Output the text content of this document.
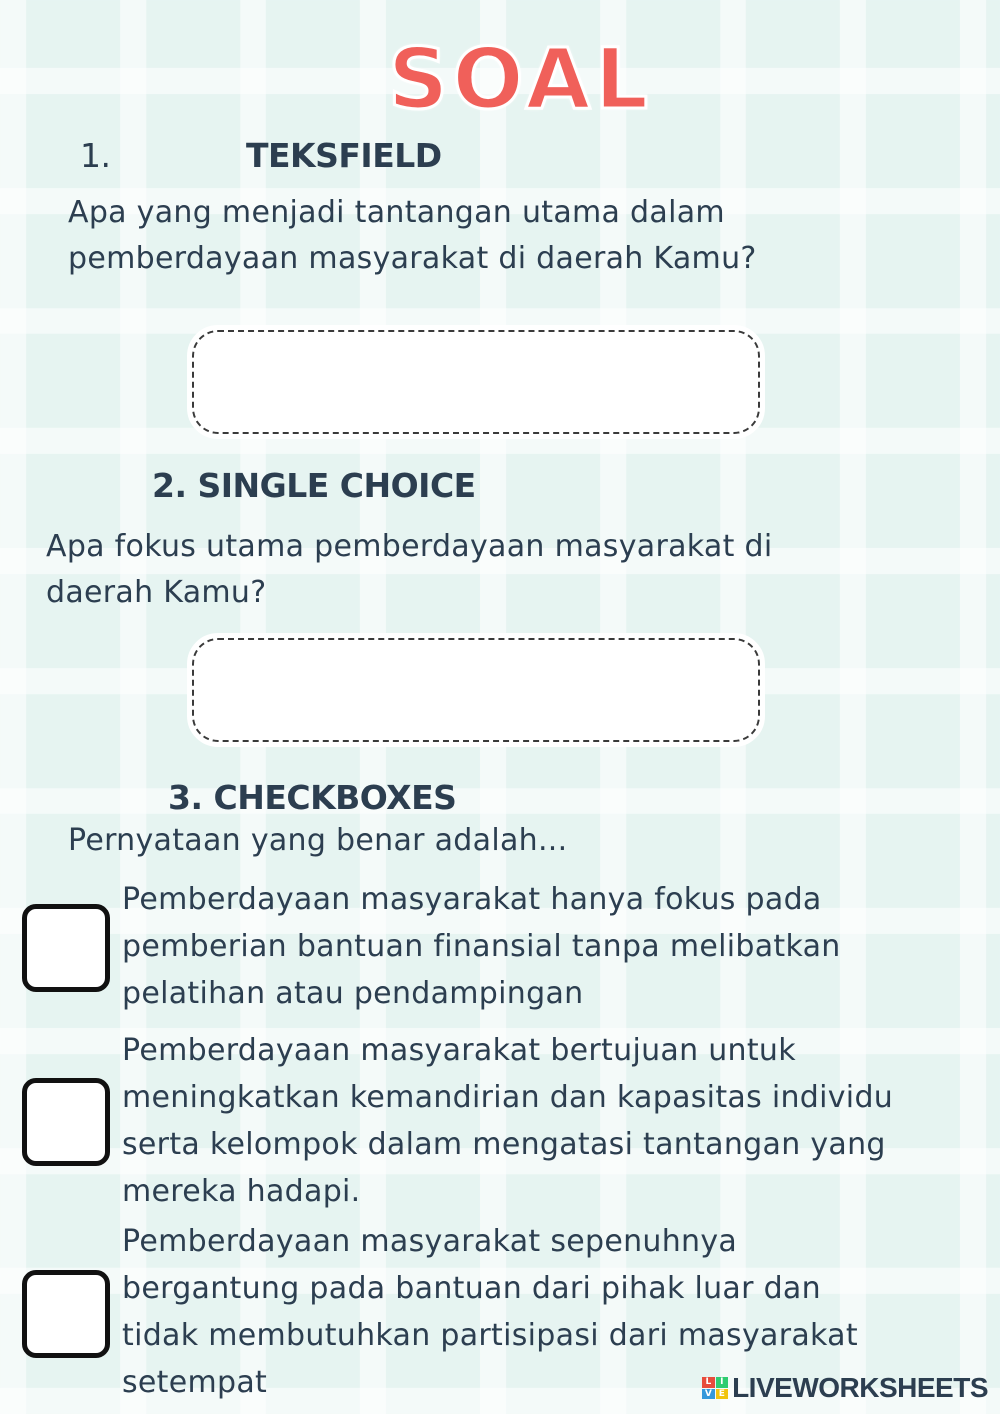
SOAL
1.	TEKSFIELD
Apa yang menjadi tantangan utama dalam
pemberdayaan masyarakat di daerah Kamu?
2. SINGLE CHOICE
Apa fokus utama pemberdayaan masyarakat di
daerah Kamu?
3. CHECKBOXES
Pernyataan yang benar adalah...
Pemberdayaan masyarakat hanya fokus pada
pemberian bantuan finansial tanpa melibatkan
pelatihan atau pendampingan
Pemberdayaan masyarakat bertujuan untuk
meningkatkan kemandirian dan kapasitas individu
serta kelompok dalam mengatasi tantangan yang
mereka hadapi.
Pemberdayaan masyarakat sepenuhnya
bergantung pada bantuan dari pihak luar dan
tidak membutuhkan partisipasi dari masyarakat
setempat	L I
V E LIVEWORKSHEETS
